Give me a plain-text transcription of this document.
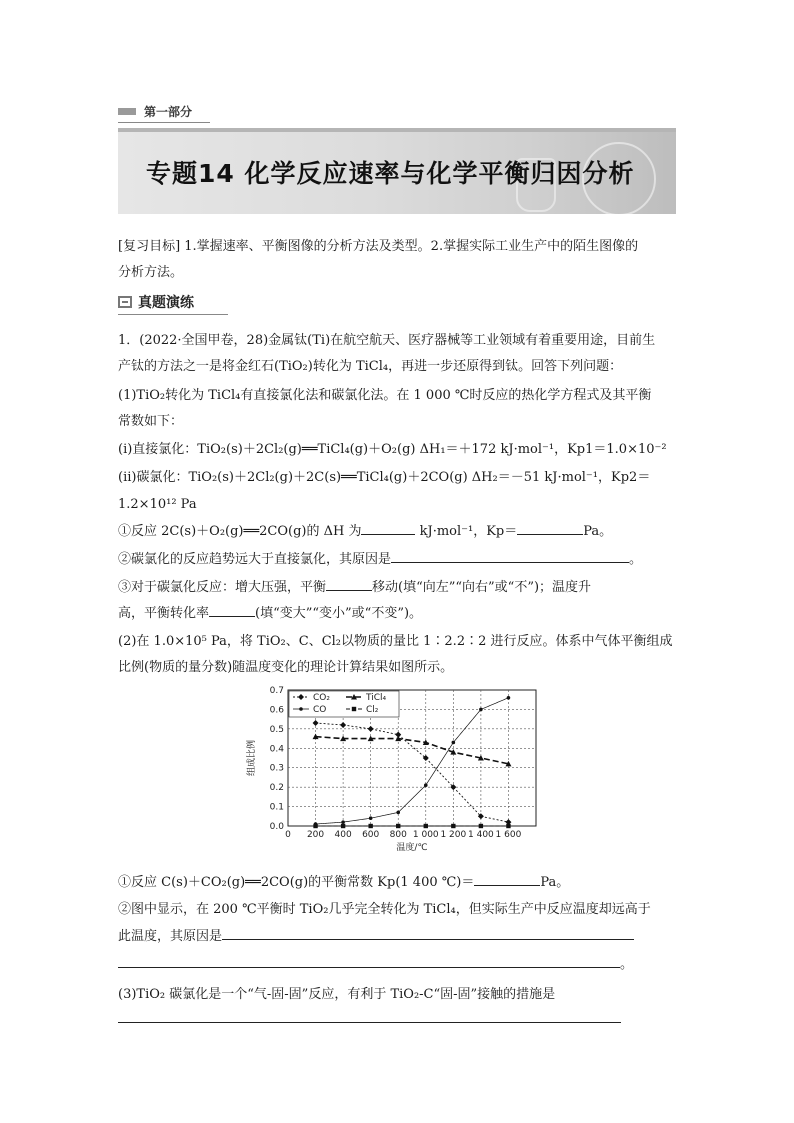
第一部分
专题14 化学反应速率与化学平衡归因分析
[复习目标] 1.掌握速率、平衡图像的分析方法及类型。2.掌握实际工业生产中的陌生图像的
分析方法。
真题演练
1．(2022·全国甲卷，28)金属钛(Ti)在航空航天、医疗器械等工业领域有着重要用途，目前生
产钛的方法之一是将金红石(TiO₂)转化为 TiCl₄，再进一步还原得到钛。回答下列问题：
(1)TiO₂转化为 TiCl₄有直接氯化法和碳氯化法。在 1 000 ℃时反应的热化学方程式及其平衡
常数如下：
(ⅰ)直接氯化：TiO₂(s)＋2Cl₂(g)══TiCl₄(g)＋O₂(g) ΔH₁＝＋172 kJ·mol⁻¹，Kp1＝1.0×10⁻²
(ⅱ)碳氯化：TiO₂(s)＋2Cl₂(g)＋2C(s)══TiCl₄(g)＋2CO(g) ΔH₂＝－51 kJ·mol⁻¹，Kp2＝
1.2×10¹² Pa
①反应 2C(s)＋O₂(g)══2CO(g)的 ΔH 为	kJ·mol⁻¹，Kp＝	Pa。
②碳氯化的反应趋势远大于直接氯化，其原因是	。
③对于碳氯化反应：增大压强，平衡	移动(填“向左”“向右”或“不”)；温度升
高，平衡转化率	(填“变大”“变小”或“不变”)。
(2)在 1.0×10⁵ Pa，将 TiO₂、C、Cl₂以物质的量比 1∶2.2∶2 进行反应。体系中气体平衡组成
比例(物质的量分数)随温度变化的理论计算结果如图所示。
0.0
0.1
0.2
0.3
0.4
0.5
0.6
0.7
0 200 400 600 800 1 000 1 200 1 400 1 600
温度/℃
组成比例
CO₂	TiCl₄
CO	Cl₂
①反应 C(s)＋CO₂(g)══2CO(g)的平衡常数 Kp(1 400 ℃)＝	Pa。
②图中显示，在 200 ℃平衡时 TiO₂几乎完全转化为 TiCl₄，但实际生产中反应温度却远高于
此温度，其原因是
。
(3)TiO₂ 碳氯化是一个“气-固-固”反应，有利于 TiO₂-C“固-固”接触的措施是
